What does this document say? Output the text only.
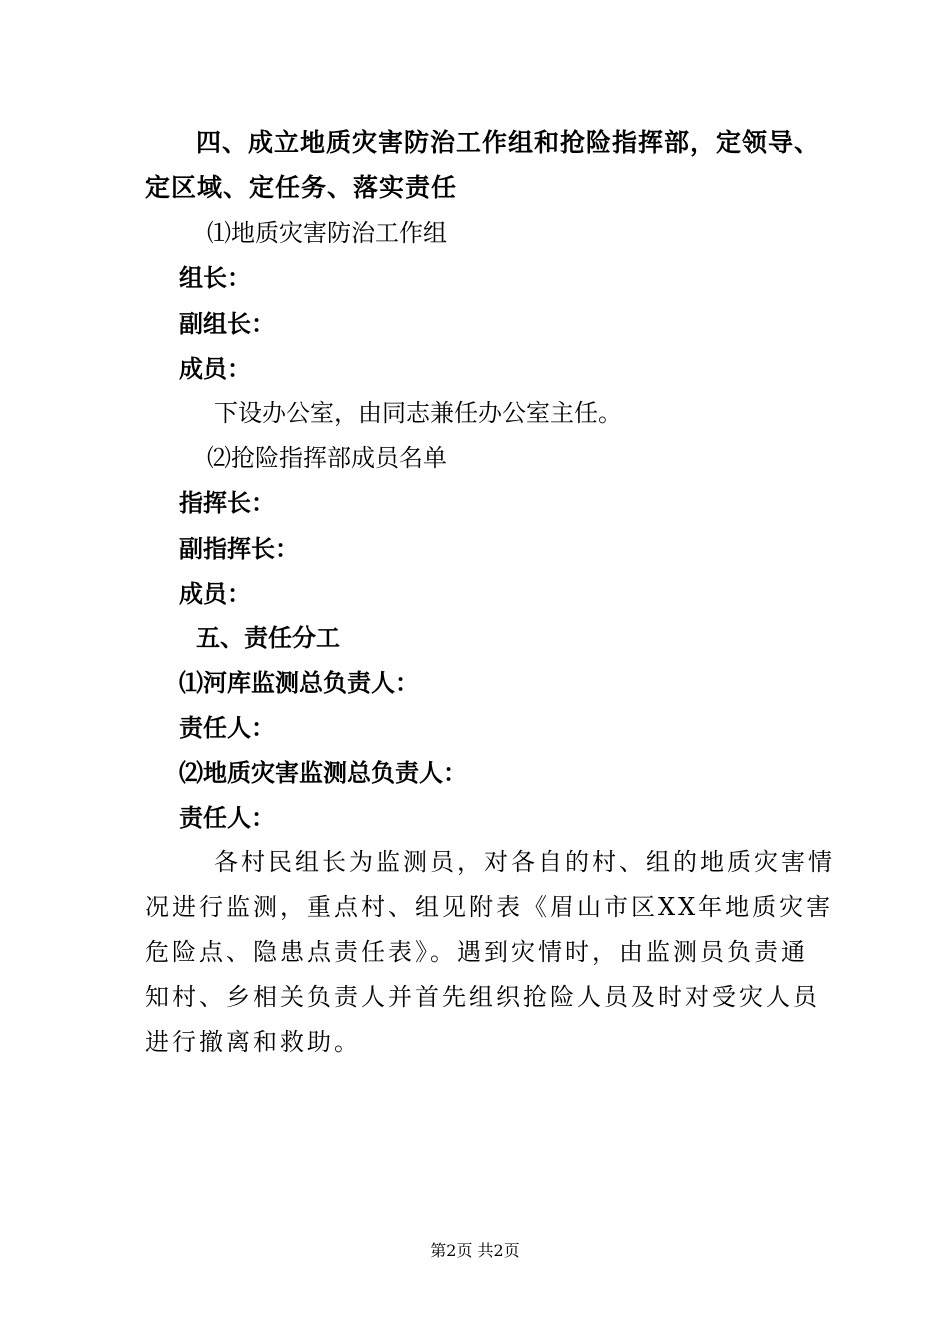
四、成立地质灾害防治工作组和抢险指挥部，定领导、
定区域、定任务、落实责任
⑴地质灾害防治工作组
组长：
副组长：
成员：
下设办公室，由同志兼任办公室主任。
⑵抢险指挥部成员名单
指挥长：
副指挥长：
成员：
五、责任分工
⑴河库监测总负责人：
责任人：
⑵地质灾害监测总负责人：
责任人：
各村民组长为监测员，对各自的村、组的地质灾害情
况进行监测，重点村、组见附表《眉山市区XX年地质灾害
危险点、隐患点责任表》。遇到灾情时，由监测员负责通
知村、乡相关负责人并首先组织抢险人员及时对受灾人员
进行撤离和救助。
第2页 共2页
